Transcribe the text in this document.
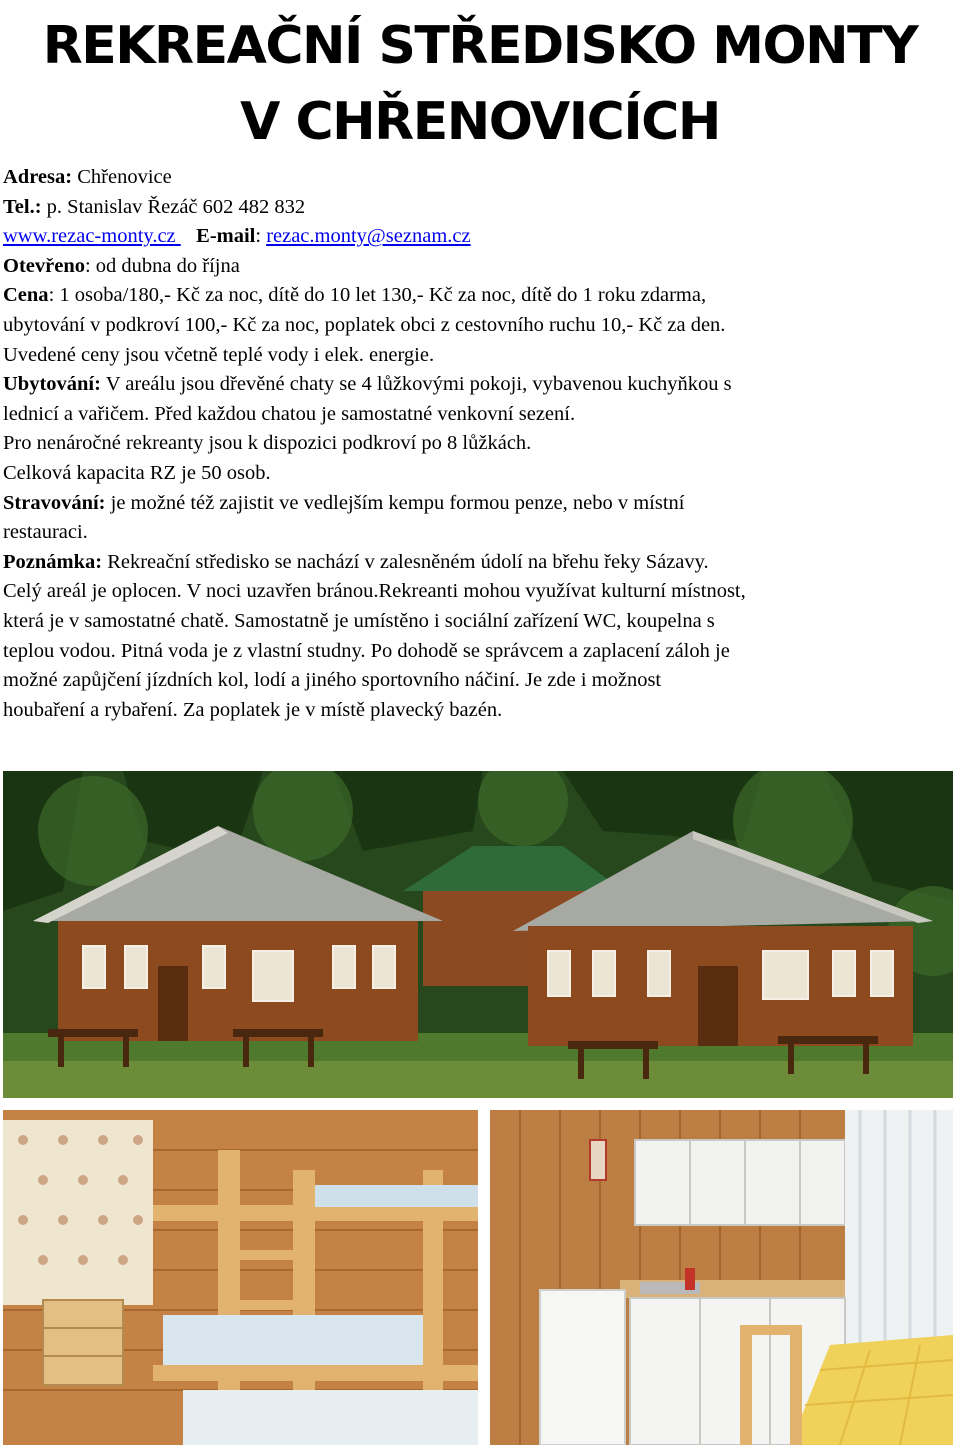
REKREAČNÍ STŘEDISKO MONTY
V CHŘENOVICÍCH
Adresa: Chřenovice
Tel.: p. Stanislav Řezáč 602 482 832
www.rezac-monty.cz    E-mail: rezac.monty@seznam.cz
Otevřeno: od dubna do října
Cena: 1 osoba/180,- Kč za noc, dítě do 10 let 130,- Kč za noc, dítě do 1 roku zdarma,
ubytování v podkroví 100,- Kč za noc, poplatek obci z cestovního ruchu 10,- Kč za den.
Uvedené ceny jsou včetně teplé vody i elek. energie.
Ubytování: V areálu jsou dřevěné chaty se 4 lůžkovými pokoji, vybavenou kuchyňkou s
lednicí a vařičem. Před každou chatou je samostatné venkovní sezení.
Pro nenáročné rekreanty jsou k dispozici podkroví po 8 lůžkách.
Celková kapacita RZ je 50 osob.
Stravování: je možné též zajistit ve vedlejším kempu formou penze, nebo v místní
restauraci.
Poznámka: Rekreační středisko se nachází v zalesněném údolí na břehu řeky Sázavy.
Celý areál je oplocen. V noci uzavřen bránou.Rekreanti mohou využívat kulturní místnost,
která je v samostatné chatě. Samostatně je umístěno i sociální zařízení WC, koupelna s
teplou vodou. Pitná voda je z vlastní studny. Po dohodě se správcem a zaplacení záloh je
možné zapůjčení jízdních kol, lodí a jiného sportovního náčiní. Je zde i možnost
houbaření a rybaření. Za poplatek je v místě plavecký bazén.
